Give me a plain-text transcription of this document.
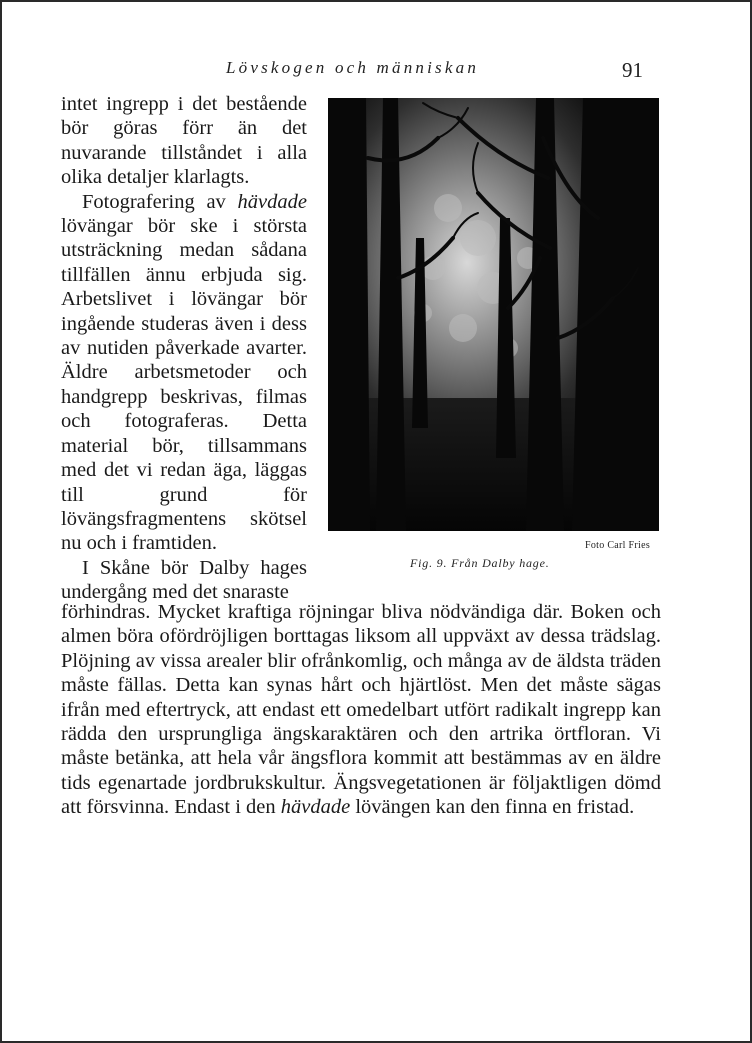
Lövskogen och människan	91

intet ingrepp i det bestående bör göras förr än det nuvarande tillståndet i alla olika detaljer klarlagts.

Fotografering av hävdade lövängar bör ske i största utsträckning medan sådana tillfällen ännu erbjuda sig. Arbetslivet i lövängar bör ingående studeras även i dess av nutiden påverkade avarter. Äldre arbetsmetoder och handgrepp beskrivas, filmas och fotograferas. Detta material bör, tillsammans med det vi redan äga, läggas till grund för lövängsfragmentens skötsel nu och i framtiden.

I Skåne bör Dalby hages undergång med det snaraste

Foto Carl Fries
Fig. 9. Från Dalby hage.

förhindras. Mycket kraftiga röjningar bliva nödvändiga där. Boken och almen böra ofördröjligen borttagas liksom all uppväxt av dessa trädslag. Plöjning av vissa arealer blir ofrånkomlig, och många av de äldsta träden måste fällas. Detta kan synas hårt och hjärtlöst. Men det måste sägas ifrån med eftertryck, att endast ett omedelbart utfört radikalt ingrepp kan rädda den ursprungliga ängskaraktären och den artrika örtfloran. Vi måste betänka, att hela vår ängsflora kommit att bestämmas av en äldre tids egenartade jordbrukskultur. Ängsvegetationen är följaktligen dömd att försvinna. Endast i den hävdade lövängen kan den finna en fristad.
